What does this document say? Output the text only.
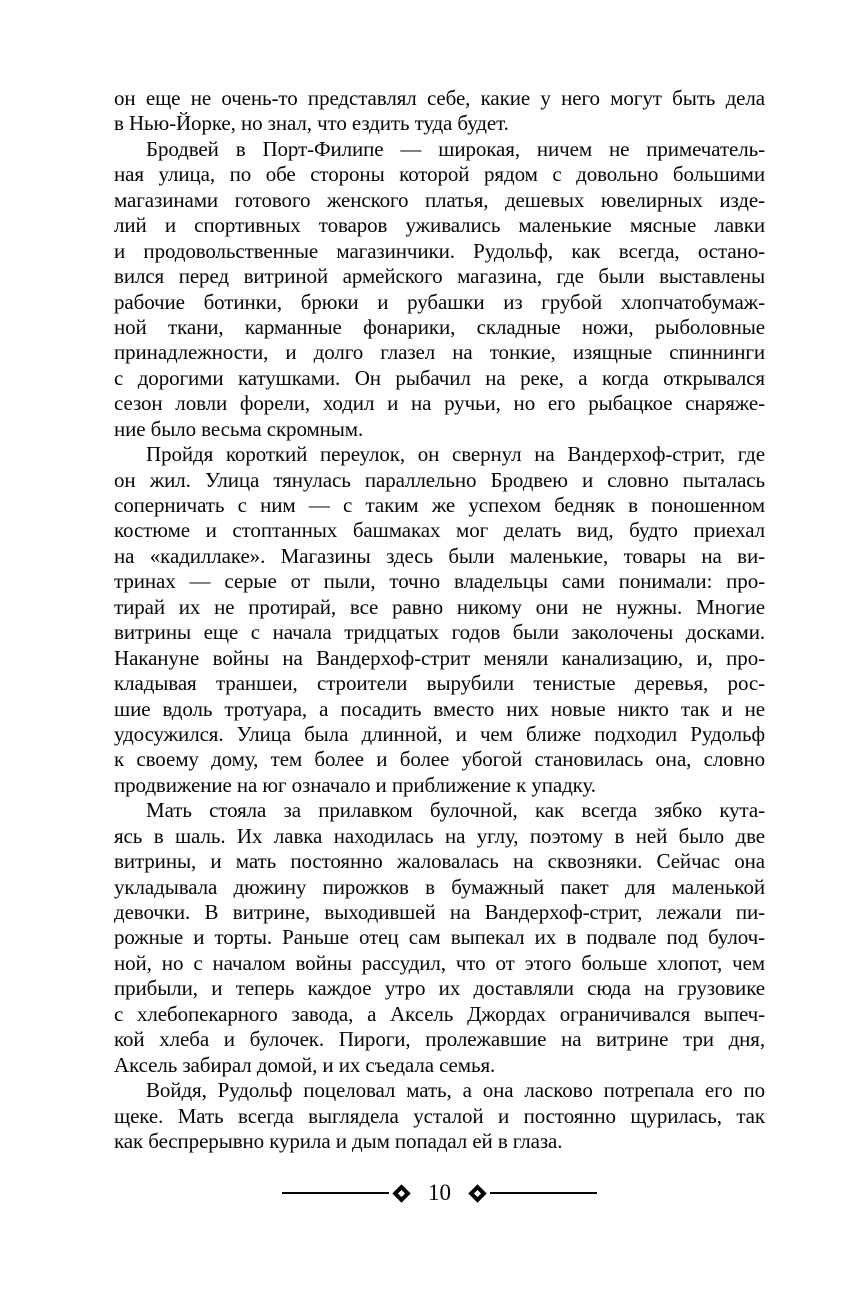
он еще не очень-то представлял себе, какие у него могут быть дела
в Нью-Йорке, но знал, что ездить туда будет.
Бродвей в Порт-Филипе — широкая, ничем не примечатель-
ная улица, по обе стороны которой рядом с довольно большими
магазинами готового женского платья, дешевых ювелирных изде-
лий и спортивных товаров уживались маленькие мясные лавки
и продовольственные магазинчики. Рудольф, как всегда, остано-
вился перед витриной армейского магазина, где были выставлены
рабочие ботинки, брюки и рубашки из грубой хлопчатобумаж-
ной ткани, карманные фонарики, складные ножи, рыболовные
принадлежности, и долго глазел на тонкие, изящные спиннинги
с дорогими катушками. Он рыбачил на реке, а когда открывался
сезон ловли форели, ходил и на ручьи, но его рыбацкое снаряже-
ние было весьма скромным.
Пройдя короткий переулок, он свернул на Вандерхоф-стрит, где
он жил. Улица тянулась параллельно Бродвею и словно пыталась
соперничать с ним — с таким же успехом бедняк в поношенном
костюме и стоптанных башмаках мог делать вид, будто приехал
на «кадиллаке». Магазины здесь были маленькие, товары на ви-
тринах — серые от пыли, точно владельцы сами понимали: про-
тирай их не протирай, все равно никому они не нужны. Многие
витрины еще с начала тридцатых годов были заколочены досками.
Накануне войны на Вандерхоф-стрит меняли канализацию, и, про-
кладывая траншеи, строители вырубили тенистые деревья, рос-
шие вдоль тротуара, а посадить вместо них новые никто так и не
удосужился. Улица была длинной, и чем ближе подходил Рудольф
к своему дому, тем более и более убогой становилась она, словно
продвижение на юг означало и приближение к упадку.
Мать стояла за прилавком булочной, как всегда зябко кута-
ясь в шаль. Их лавка находилась на углу, поэтому в ней было две
витрины, и мать постоянно жаловалась на сквозняки. Сейчас она
укладывала дюжину пирожков в бумажный пакет для маленькой
девочки. В витрине, выходившей на Вандерхоф-стрит, лежали пи-
рожные и торты. Раньше отец сам выпекал их в подвале под булоч-
ной, но с началом войны рассудил, что от этого больше хлопот, чем
прибыли, и теперь каждое утро их доставляли сюда на грузовике
с хлебопекарного завода, а Аксель Джордах ограничивался выпеч-
кой хлеба и булочек. Пироги, пролежавшие на витрине три дня,
Аксель забирал домой, и их съедала семья.
Войдя, Рудольф поцеловал мать, а она ласково потрепала его по
щеке. Мать всегда выглядела усталой и постоянно щурилась, так
как беспрерывно курила и дым попадал ей в глаза.
10
